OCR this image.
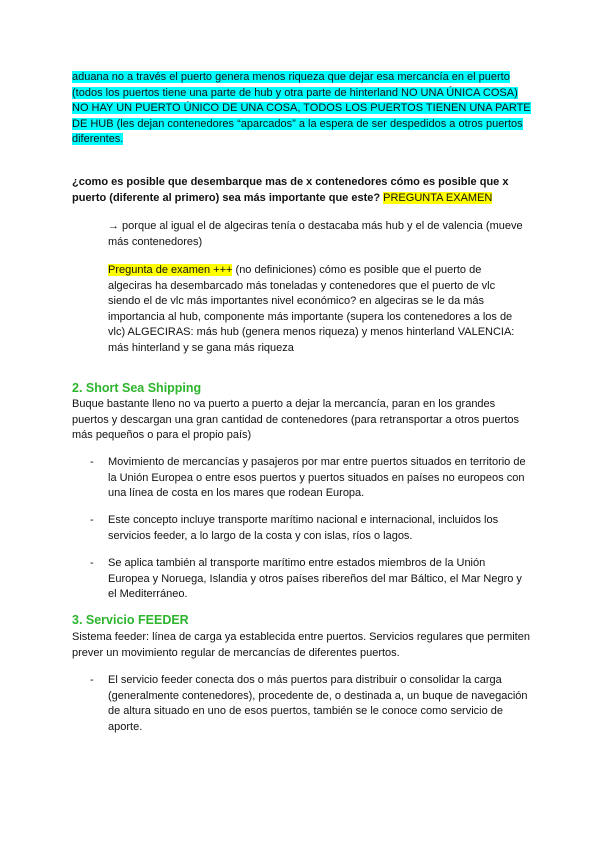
aduana no a través el puerto genera menos riqueza que dejar esa mercancía en el puerto (todos los puertos tiene una parte de hub y otra parte de hinterland NO UNA ÚNICA COSA) NO HAY UN PUERTO ÚNICO DE UNA COSA, TODOS LOS PUERTOS TIENEN UNA PARTE DE HUB (les dejan contenedores “aparcados” a la espera de ser despedidos a otros puertos diferentes.

¿como es posible que desembarque mas de x contenedores cómo es posible que x puerto (diferente al primero) sea más importante que este? PREGUNTA EXAMEN

→ porque al igual el de algeciras tenía o destacaba más hub y el de valencia (mueve más contenedores)

Pregunta de examen +++ (no definiciones) cómo es posible que el puerto de algeciras ha desembarcado más toneladas y contenedores que el puerto de vlc siendo el de vlc más importantes nivel económico? en algeciras se le da más importancia al hub, componente más importante (supera los contenedores a los de vlc) ALGECIRAS: más hub (genera menos riqueza) y menos hinterland VALENCIA: más hinterland y se gana más riqueza

2. Short Sea Shipping

Buque bastante lleno no va puerto a puerto a dejar la mercancía, paran en los grandes puertos y descargan una gran cantidad de contenedores (para retransportar a otros puertos más pequeños o para el propio país)

-	Movimiento de mercancías y pasajeros por mar entre puertos situados en territorio de la Unión Europea o entre esos puertos y puertos situados en países no europeos con una línea de costa en los mares que rodean Europa.

-	Este concepto incluye transporte marítimo nacional e internacional, incluidos los servicios feeder, a lo largo de la costa y con islas, ríos o lagos.

-	Se aplica también al transporte marítimo entre estados miembros de la Unión Europea y Noruega, Islandia y otros países ribereños del mar Báltico, el Mar Negro y el Mediterráneo.

3. Servicio FEEDER

Sistema feeder: línea de carga ya establecida entre puertos. Servicios regulares que permiten prever un movimiento regular de mercancías de diferentes puertos.

-	El servicio feeder conecta dos o más puertos para distribuir o consolidar la carga (generalmente contenedores), procedente de, o destinada a, un buque de navegación de altura situado en uno de esos puertos, también se le conoce como servicio de aporte.
